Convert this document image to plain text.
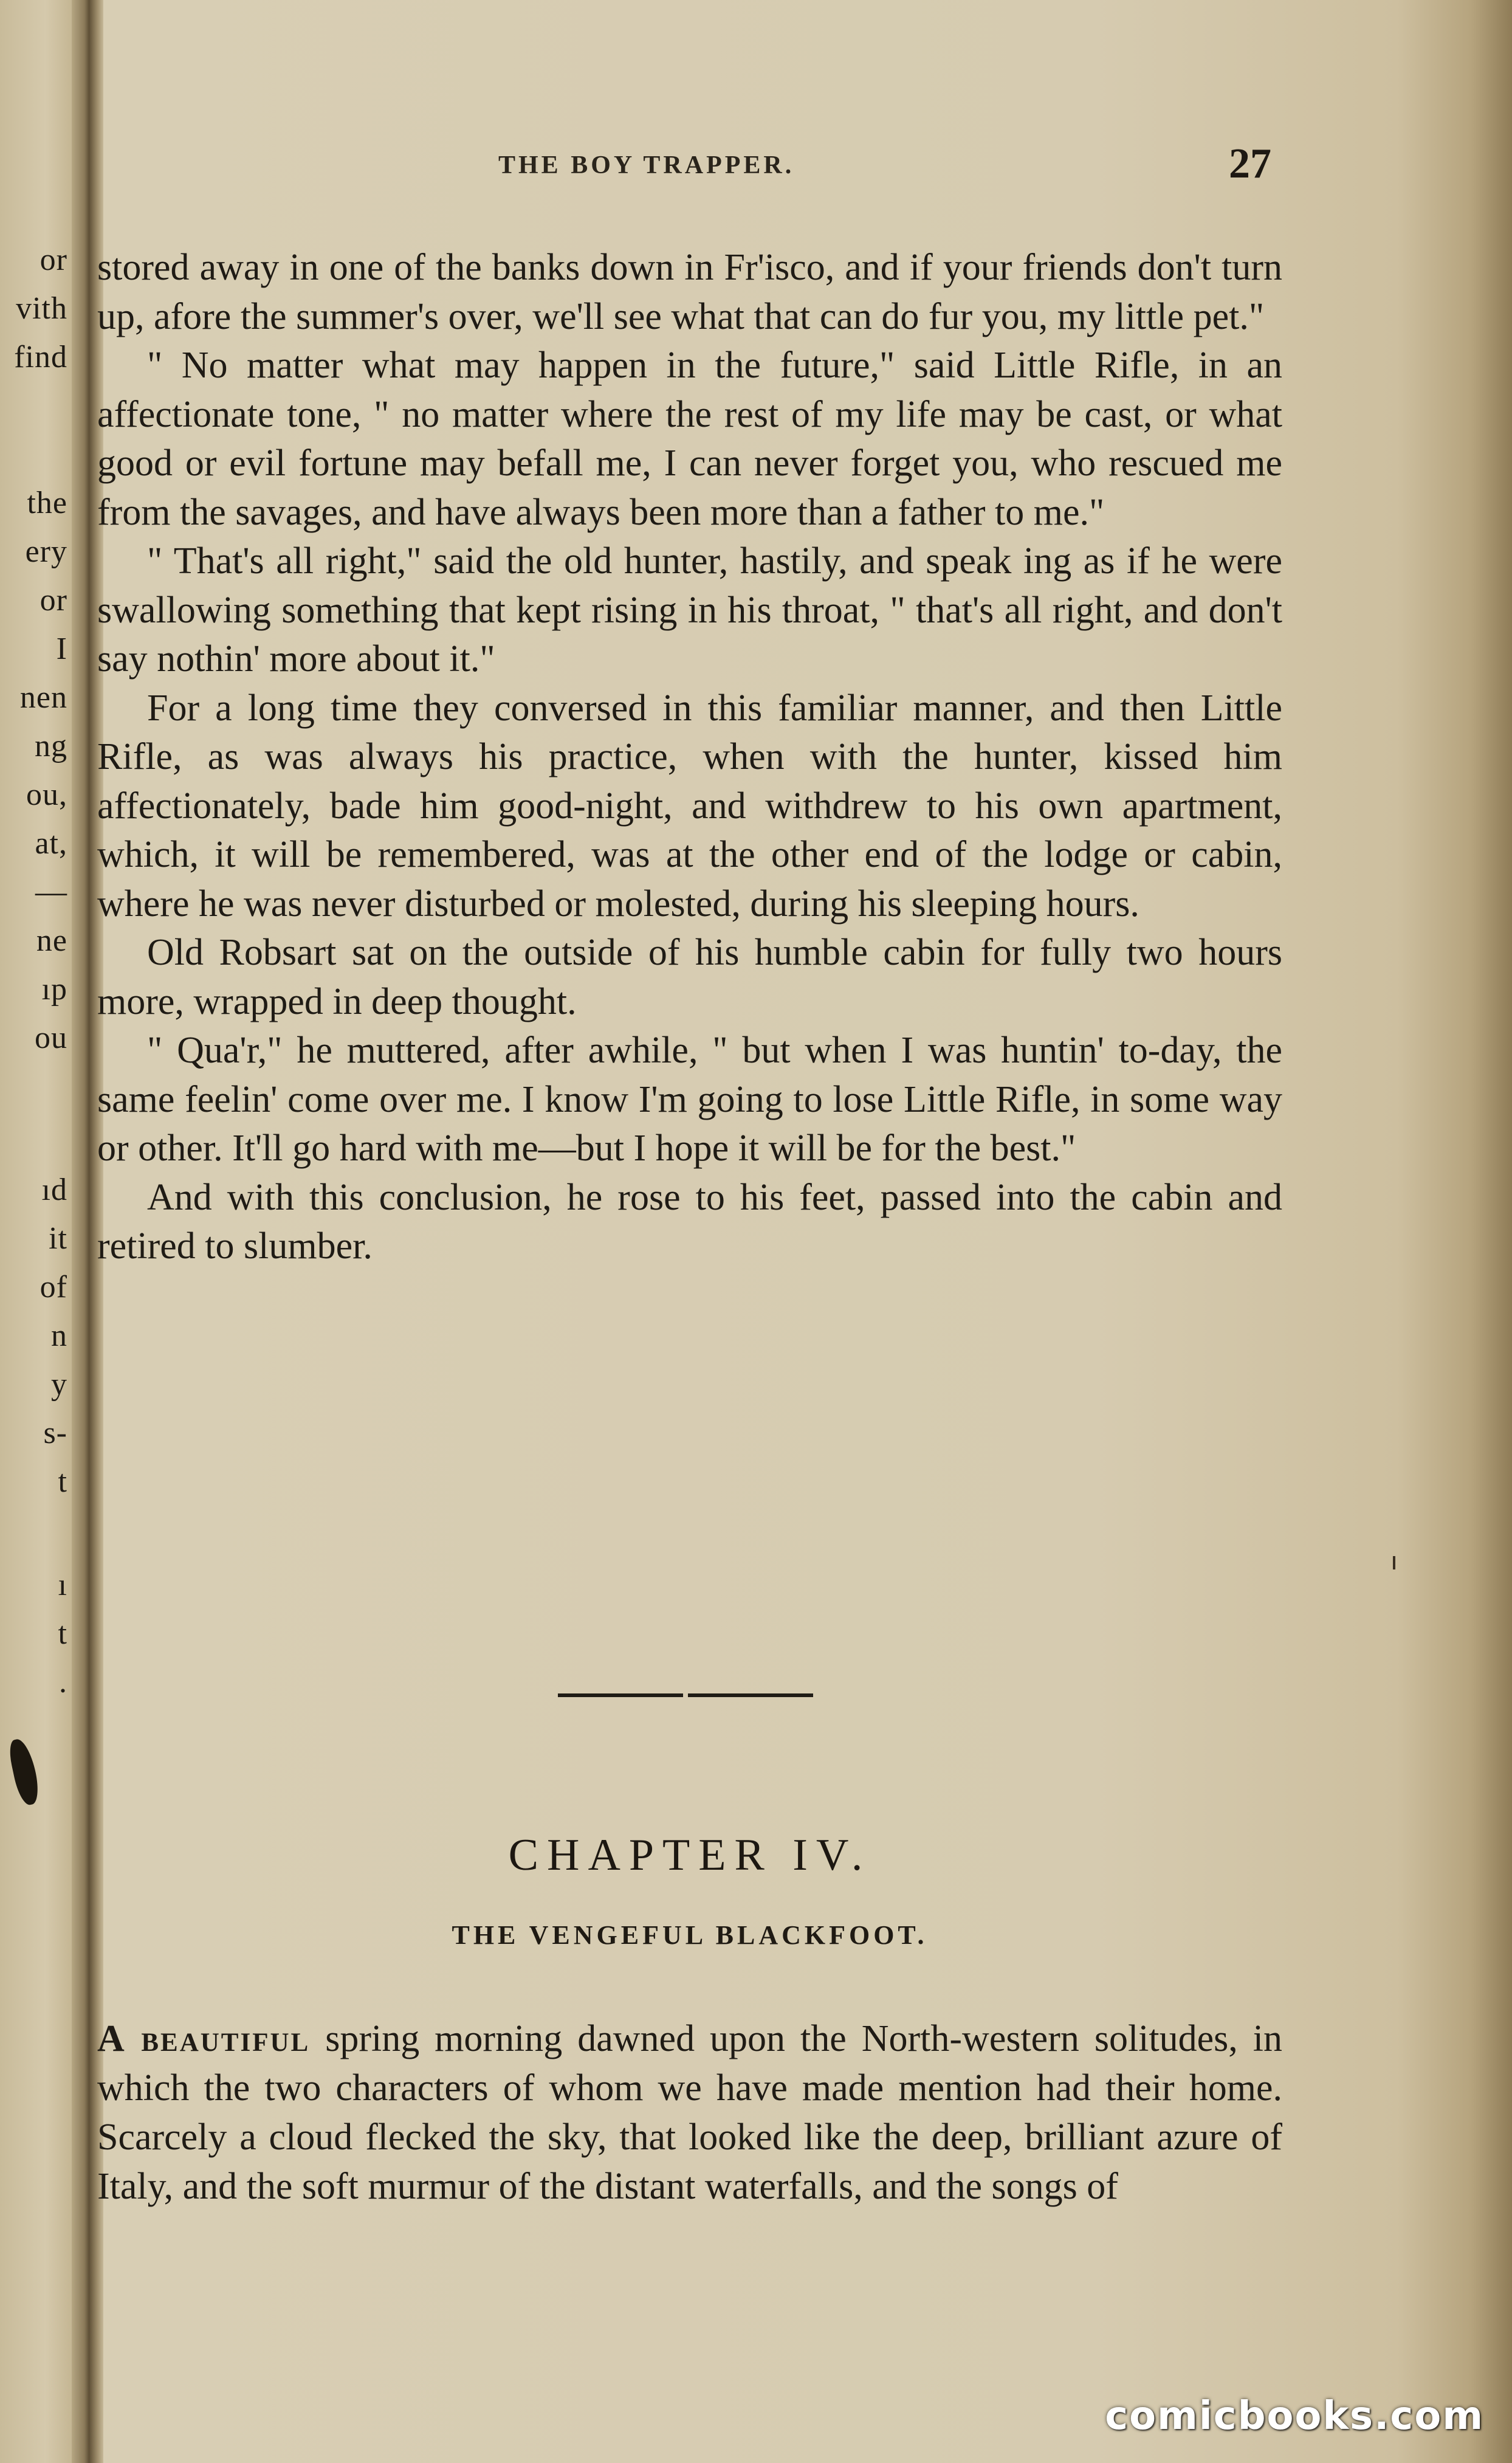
or
vith
find
the
ery
or
I
nen
ng
ou,
at,
—
ne
ıp
ou
ıd
it
of
n
y
s-
t
ı
t
.
THE BOY TRAPPER.	27

stored away in one of the banks down in Fr'isco, and if your friends don't turn up, afore the summer's over, we'll see what that can do fur you, my little pet."

" No matter what may happen in the future," said Little Rifle, in an affectionate tone, " no matter where the rest of my life may be cast, or what good or evil fortune may befall me, I can never forget you, who rescued me from the savages, and have always been more than a father to me."

" That's all right," said the old hunter, hastily, and speak ing as if he were swallowing something that kept rising in his throat, " that's all right, and don't say nothin' more about it."

For a long time they conversed in this familiar manner, and then Little Rifle, as was always his practice, when with the hunter, kissed him affectionately, bade him good-night, and withdrew to his own apartment, which, it will be remembered, was at the other end of the lodge or cabin, where he was never disturbed or molested, during his sleeping hours.

Old Robsart sat on the outside of his humble cabin for fully two hours more, wrapped in deep thought.

" Qua'r," he muttered, after awhile, " but when I was huntin' to-day, the same feelin' come over me. I know I'm going to lose Little Rifle, in some way or other. It'll go hard with me—but I hope it will be for the best."

And with this conclusion, he rose to his feet, passed into the cabin and retired to slumber.

CHAPTER IV.
THE VENGEFUL BLACKFOOT.

A beautiful spring morning dawned upon the North-western solitudes, in which the two characters of whom we have made mention had their home. Scarcely a cloud flecked the sky, that looked like the deep, brilliant azure of Italy, and the soft murmur of the distant waterfalls, and the songs of

comicbooks.com
